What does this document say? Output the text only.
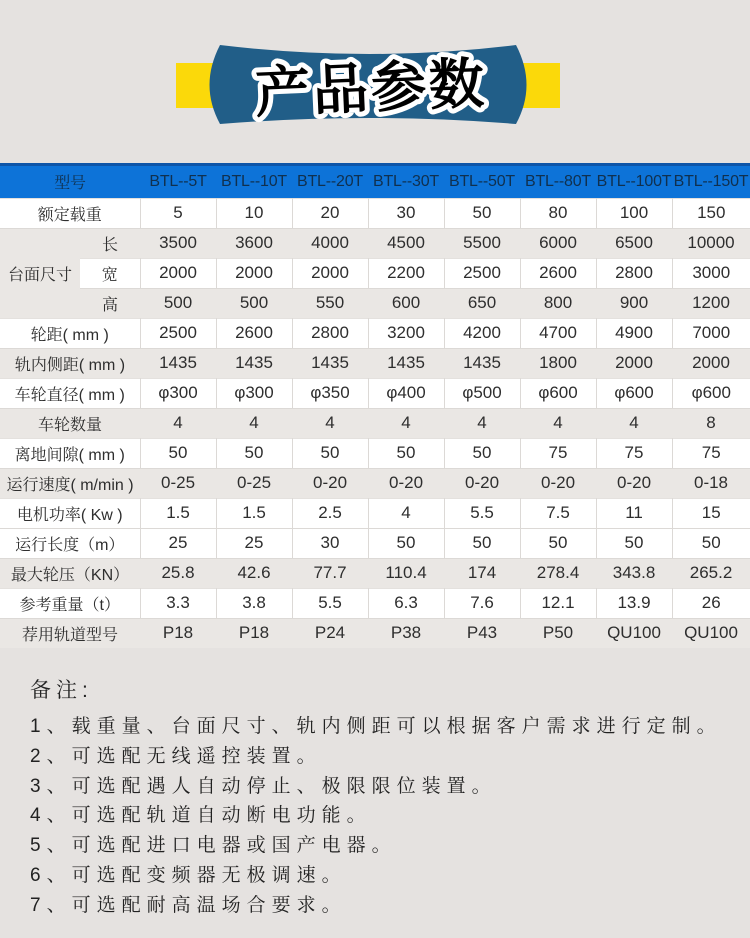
产品参数
型号		BTL--5T	BTL--10T	BTL--20T	BTL--30T	BTL--50T	BTL--80T	BTL--100T	BTL--150T
额定载重		5	10	20	30	50	80	100	150
台面尺寸	长	3500	3600	4000	4500	5500	6000	6500	10000
	宽	2000	2000	2000	2200	2500	2600	2800	3000
	高	500	500	550	600	650	800	900	1200
轮距( mm )		2500	2600	2800	3200	4200	4700	4900	7000
轨内侧距( mm )		1435	1435	1435	1435	1435	1800	2000	2000
车轮直径( mm )		φ300	φ300	φ350	φ400	φ500	φ600	φ600	φ600
车轮数量		4	4	4	4	4	4	4	8
离地间隙( mm )		50	50	50	50	50	75	75	75
运行速度( m/min )		0-25	0-25	0-20	0-20	0-20	0-20	0-20	0-18
电机功率( Kw )		1.5	1.5	2.5	4	5.5	7.5	11	15
运行长度（m）		25	25	30	50	50	50	50	50
最大轮压（KN）		25.8	42.6	77.7	110.4	174	278.4	343.8	265.2
参考重量（t）		3.3	3.8	5.5	6.3	7.6	12.1	13.9	26
荐用轨道型号		P18	P18	P24	P38	P43	P50	QU100	QU100
备注:
1、载重量、台面尺寸、轨内侧距可以根据客户需求进行定制。
2、可选配无线遥控装置。
3、可选配遇人自动停止、极限限位装置。
4、可选配轨道自动断电功能。
5、可选配进口电器或国产电器。
6、可选配变频器无极调速。
7、可选配耐高温场合要求。
